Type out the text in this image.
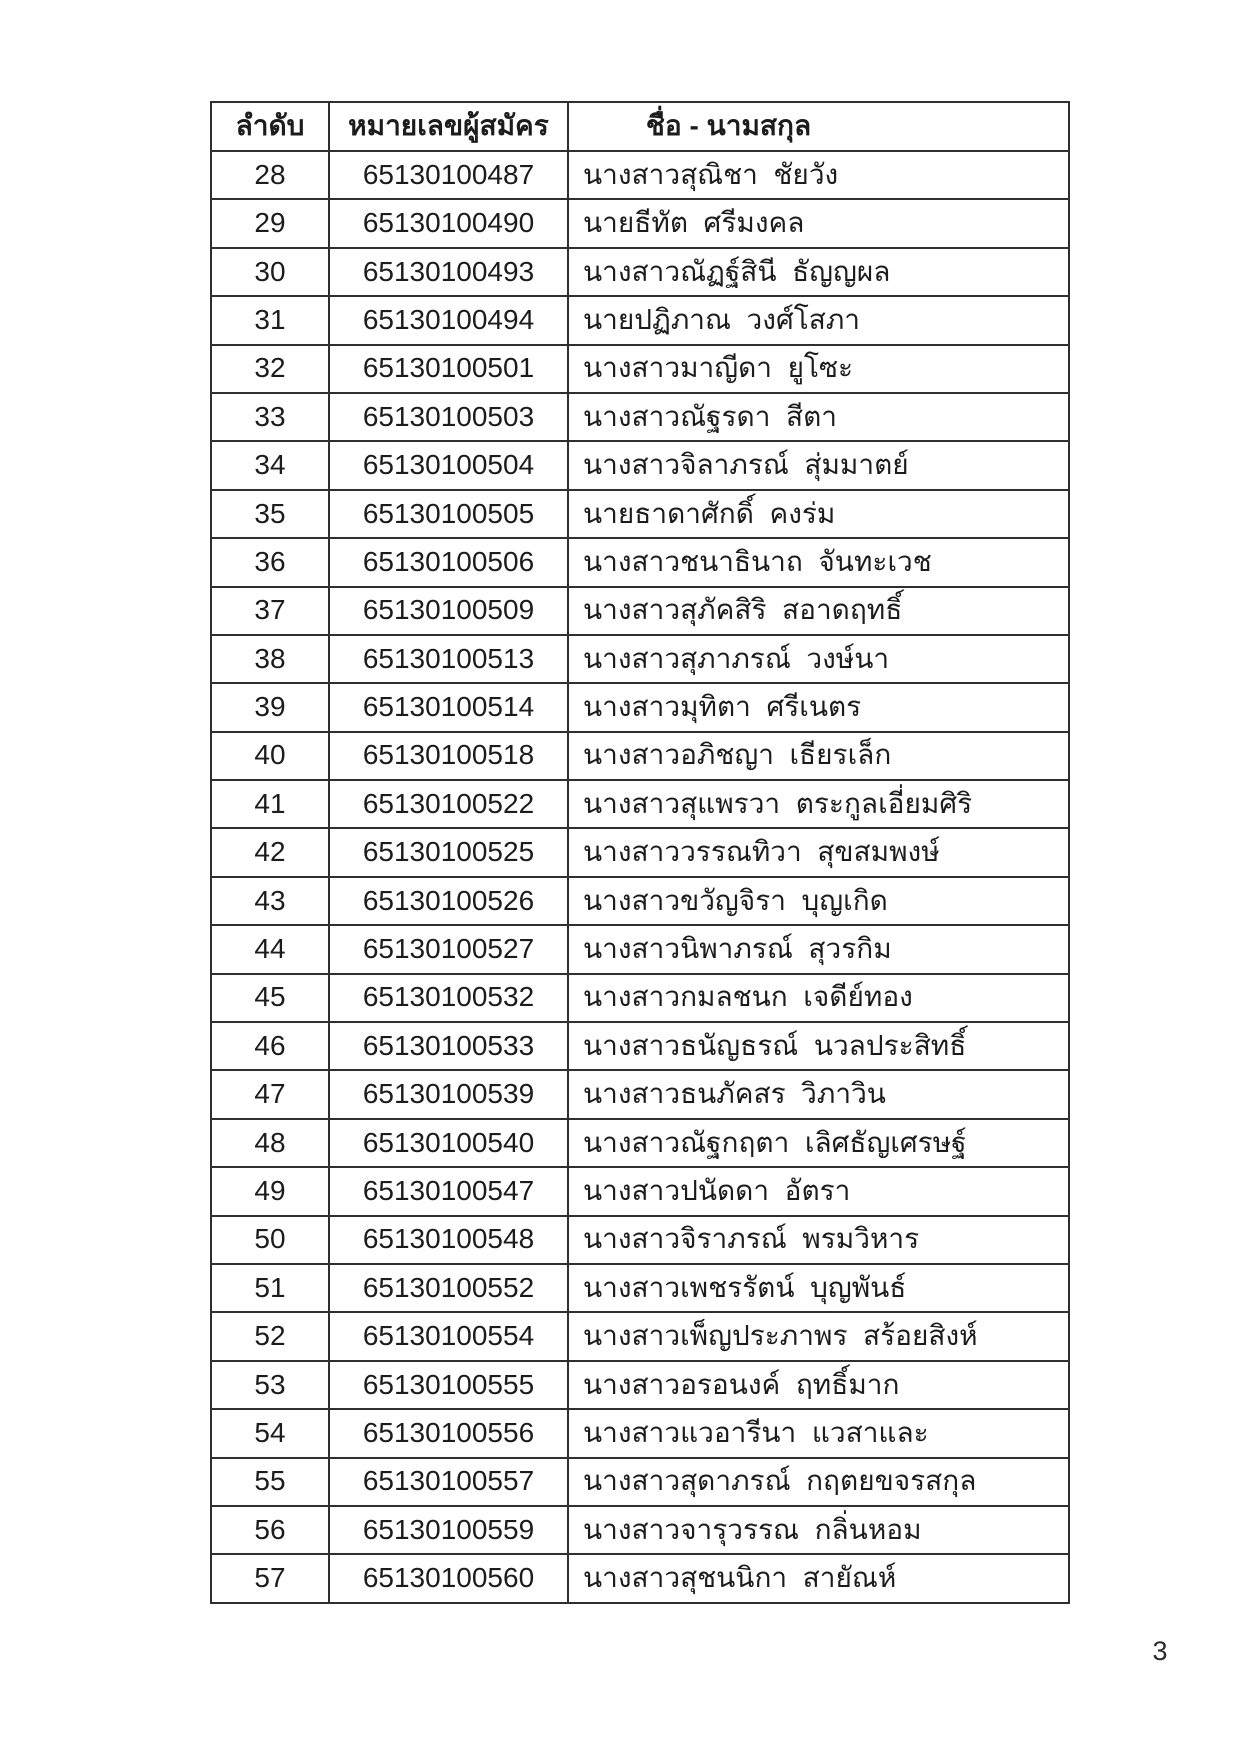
ลำดับ	หมายเลขผู้สมัคร	ชื่อ - นามสกุล
28	65130100487	นางสาวสุณิชา  ชัยวัง
29	65130100490	นายธีทัต  ศรีมงคล
30	65130100493	นางสาวณัฏฐ์สินี  ธัญญผล
31	65130100494	นายปฏิภาณ  วงศ์โสภา
32	65130100501	นางสาวมาญีดา  ยูโซะ
33	65130100503	นางสาวณัฐรดา  สีตา
34	65130100504	นางสาวจิลาภรณ์  สุ่มมาตย์
35	65130100505	นายธาดาศักดิ์  คงร่ม
36	65130100506	นางสาวชนาธินาถ  จันทะเวช
37	65130100509	นางสาวสุภัคสิริ  สอาดฤทธิ์
38	65130100513	นางสาวสุภาภรณ์  วงษ์นา
39	65130100514	นางสาวมุทิตา  ศรีเนตร
40	65130100518	นางสาวอภิชญา  เธียรเล็ก
41	65130100522	นางสาวสุแพรวา  ตระกูลเอี่ยมศิริ
42	65130100525	นางสาววรรณทิวา  สุขสมพงษ์
43	65130100526	นางสาวขวัญจิรา  บุญเกิด
44	65130100527	นางสาวนิพาภรณ์  สุวรกิม
45	65130100532	นางสาวกมลชนก  เจดีย์ทอง
46	65130100533	นางสาวธนัญธรณ์  นวลประสิทธิ์
47	65130100539	นางสาวธนภัคสร  วิภาวิน
48	65130100540	นางสาวณัฐกฤตา  เลิศธัญเศรษฐ์
49	65130100547	นางสาวปนัดดา  อัตรา
50	65130100548	นางสาวจิราภรณ์  พรมวิหาร
51	65130100552	นางสาวเพชรรัตน์  บุญพันธ์
52	65130100554	นางสาวเพ็ญประภาพร  สร้อยสิงห์
53	65130100555	นางสาวอรอนงค์  ฤทธิ์มาก
54	65130100556	นางสาวแวอารีนา  แวสาและ
55	65130100557	นางสาวสุดาภรณ์  กฤตยขจรสกุล
56	65130100559	นางสาวจารุวรรณ  กลิ่นหอม
57	65130100560	นางสาวสุชนนิกา  สายัณห์
3
